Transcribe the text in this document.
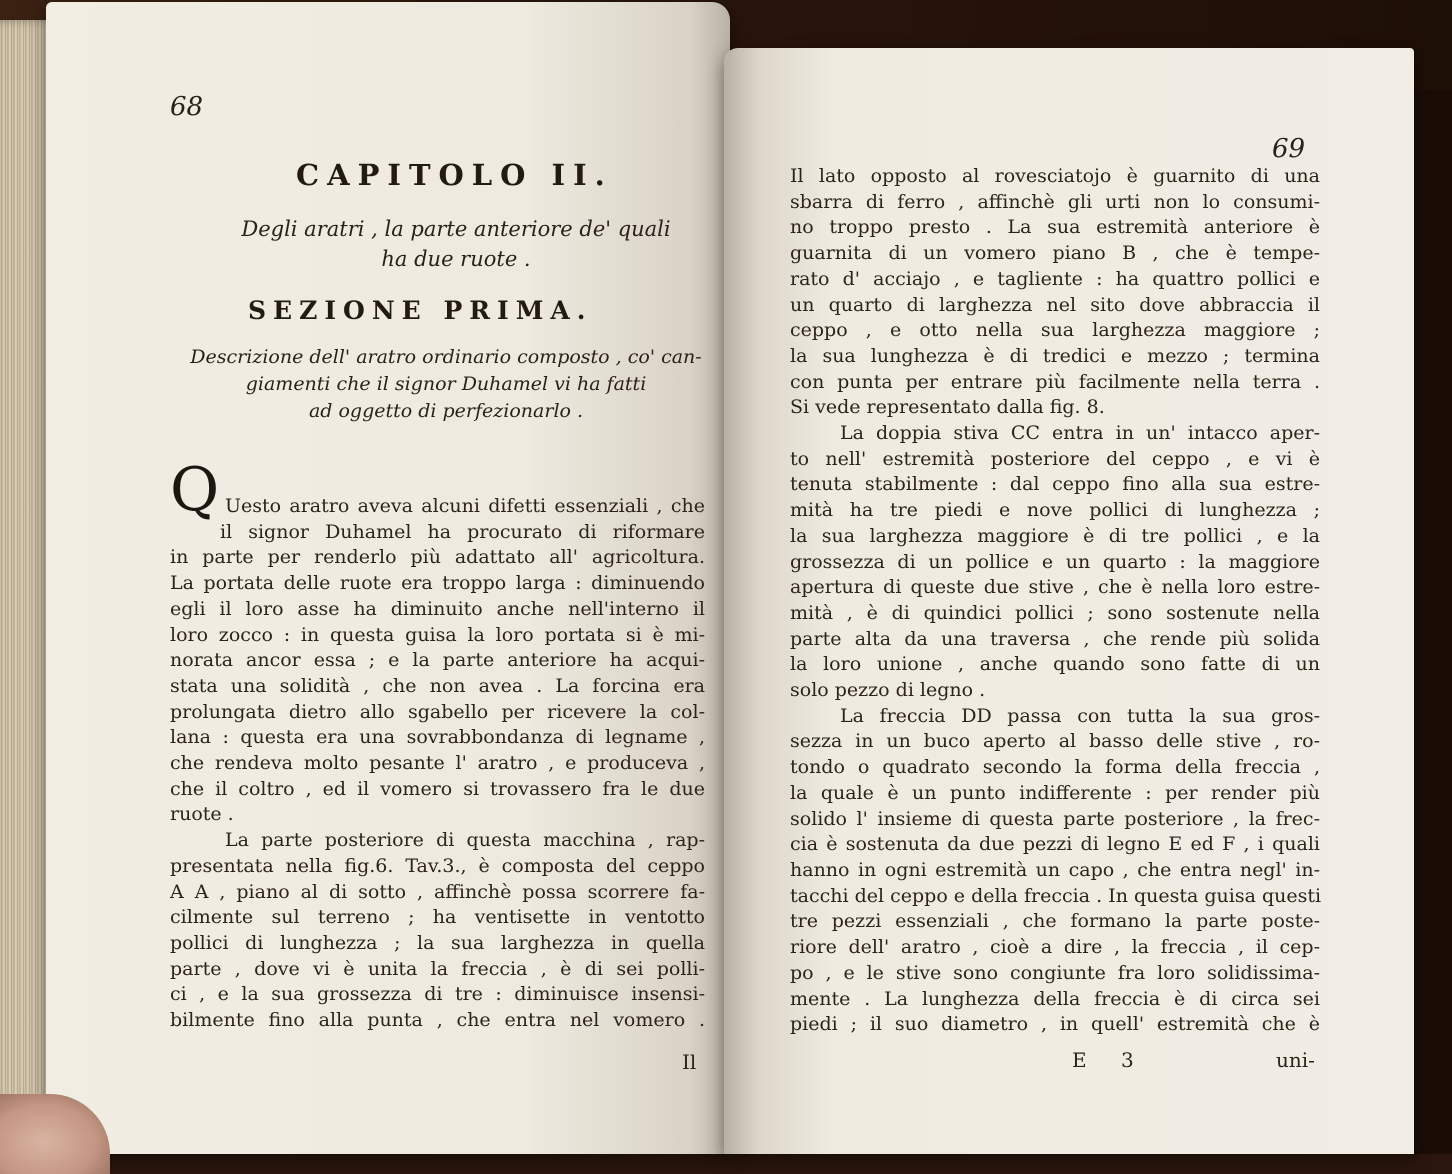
68
CAPITOLO II.
Degli aratri , la parte anteriore de' quali
ha due ruote .
SEZIONE PRIMA.
Descrizione dell' aratro ordinario composto , co' can-
giamenti che il signor Duhamel vi ha fatti
ad oggetto di perfezionarlo .
Q Uesto aratro aveva alcuni difetti essenziali , che
il signor Duhamel ha procurato di riformare
in parte per renderlo più adattato all' agricoltura.
La portata delle ruote era troppo larga : diminuendo
egli il loro asse ha diminuito anche nell'interno il
loro zocco : in questa guisa la loro portata si è mi-
norata ancor essa ; e la parte anteriore ha acqui-
stata una solidità , che non avea . La forcina era
prolungata dietro allo sgabello per ricevere la col-
lana : questa era una sovrabbondanza di legname ,
che rendeva molto pesante l' aratro , e produceva ,
che il coltro , ed il vomero si trovassero fra le due
ruote .
La parte posteriore di questa macchina , rap-
presentata nella fig.6. Tav.3., è composta del ceppo
A A , piano al di sotto , affinchè possa scorrere fa-
cilmente sul terreno ; ha ventisette in ventotto
pollici di lunghezza ; la sua larghezza in quella
parte , dove vi è unita la freccia , è di sei polli-
ci , e la sua grossezza di tre : diminuisce insensi-
bilmente fino alla punta , che entra nel vomero .
Il
69
Il lato opposto al rovesciatojo è guarnito di una
sbarra di ferro , affinchè gli urti non lo consumi-
no troppo presto . La sua estremità anteriore è
guarnita di un vomero piano B , che è tempe-
rato d' acciajo , e tagliente : ha quattro pollici e
un quarto di larghezza nel sito dove abbraccia il
ceppo , e otto nella sua larghezza maggiore ;
la sua lunghezza è di tredici e mezzo ; termina
con punta per entrare più facilmente nella terra .
Si vede representato dalla fig. 8.
La doppia stiva CC entra in un' intacco aper-
to nell' estremità posteriore del ceppo , e vi è
tenuta stabilmente : dal ceppo fino alla sua estre-
mità ha tre piedi e nove pollici di lunghezza ;
la sua larghezza maggiore è di tre pollici , e la
grossezza di un pollice e un quarto : la maggiore
apertura di queste due stive , che è nella loro estre-
mità , è di quindici pollici ; sono sostenute nella
parte alta da una traversa , che rende più solida
la loro unione , anche quando sono fatte di un
solo pezzo di legno .
La freccia DD passa con tutta la sua gros-
sezza in un buco aperto al basso delle stive , ro-
tondo o quadrato secondo la forma della freccia ,
la quale è un punto indifferente : per render più
solido l' insieme di questa parte posteriore , la frec-
cia è sostenuta da due pezzi di legno E ed F , i quali
hanno in ogni estremità un capo , che entra negl' in-
tacchi del ceppo e della freccia . In questa guisa questi
tre pezzi essenziali , che formano la parte poste-
riore dell' aratro , cioè a dire , la freccia , il cep-
po , e le stive sono congiunte fra loro solidissima-
mente . La lunghezza della freccia è di circa sei
piedi ; il suo diametro , in quell' estremità che è
E 3	uni-
